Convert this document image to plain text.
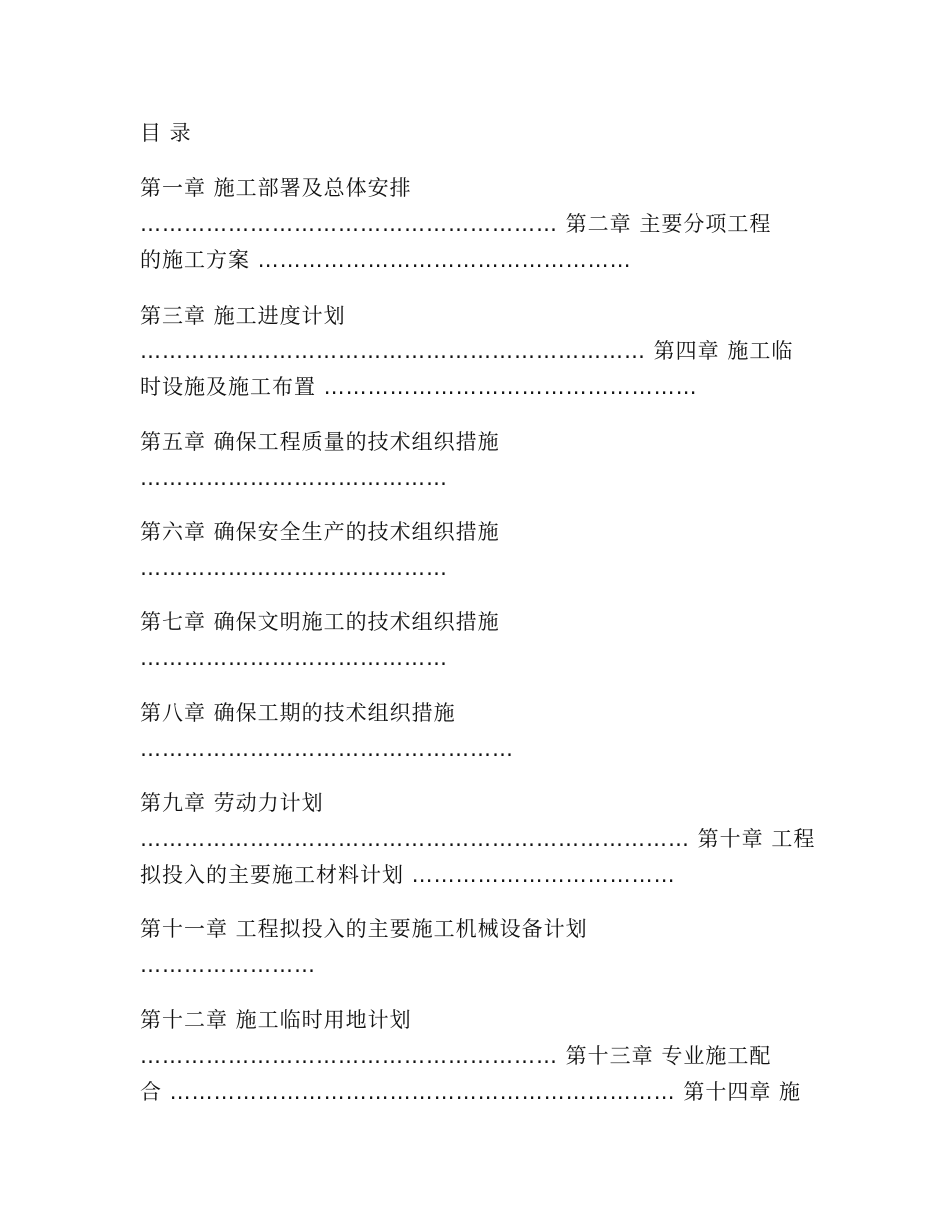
目 录

第一章 施工部署及总体安排

………………………………………………… 第二章 主要分项工程

的施工方案 ……………………………………………

第三章 施工进度计划

…………………………………………………………… 第四章 施工临

时设施及施工布置 ……………………………………………

第五章 确保工程质量的技术组织措施

……………………………………

第六章 确保安全生产的技术组织措施

……………………………………

第七章 确保文明施工的技术组织措施

……………………………………

第八章 确保工期的技术组织措施

……………………………………………

第九章 劳动力计划

………………………………………………………………… 第十章 工程

拟投入的主要施工材料计划 ………………………………

第十一章 工程拟投入的主要施工机械设备计划

……………………

第十二章 施工临时用地计划

………………………………………………… 第十三章 专业施工配

合 …………………………………………………………… 第十四章 施
